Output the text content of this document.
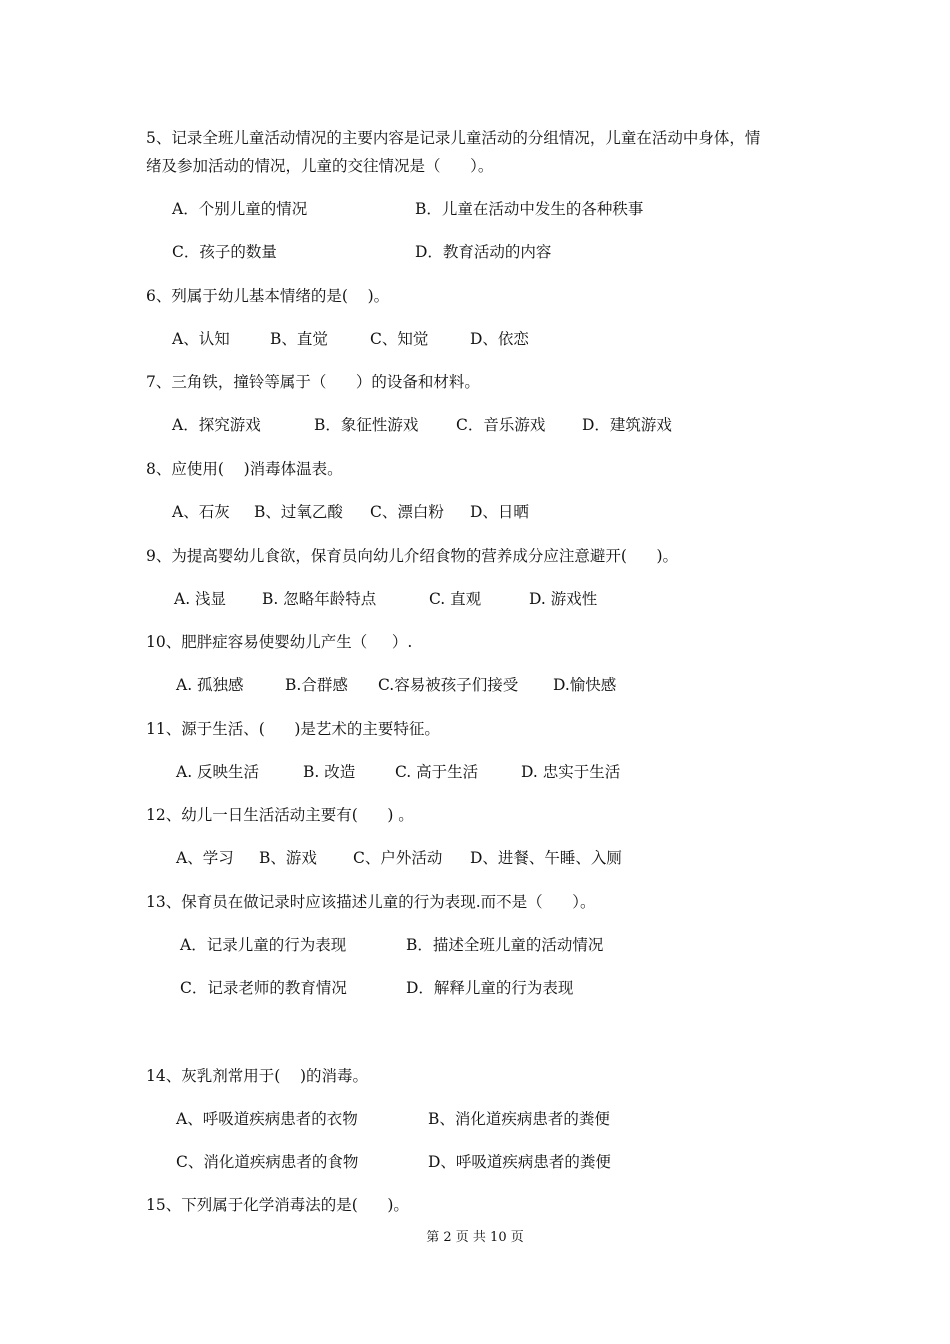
5、记录全班儿童活动情况的主要内容是记录儿童活动的分组情况，儿童在活动中身体，情
绪及参加活动的情况，儿童的交往情况是（      ）。
A．个别儿童的情况	B．儿童在活动中发生的各种秩事
C．孩子的数量	D．教育活动的内容
6、列属于幼儿基本情绪的是(    )。
A、认知	B、直觉	C、知觉	D、依恋
7、三角铁，撞铃等属于（      ）的设备和材料。
A．探究游戏	B．象征性游戏 C．音乐游戏 D．建筑游戏
8、应使用(    )消毒体温表。
A、石灰 B、过氧乙酸 C、漂白粉 D、日晒
9、为提高婴幼儿食欲，保育员向幼儿介绍食物的营养成分应注意避开(      )。
A. 浅显 B. 忽略年龄特点	C. 直观	D. 游戏性
10、肥胖症容易使婴幼儿产生（     ）.
A. 孤独感	B.合群感 C.容易被孩子们接受 D.愉快感
11、源于生活、(      )是艺术的主要特征。
A. 反映生活	B. 改造	C. 高于生活	D. 忠实于生活
12、幼儿一日生活活动主要有(      ) 。
A、学习 B、游戏 C、户外活动 D、进餐、午睡、入厕
13、保育员在做记录时应该描述儿童的行为表现.而不是（      ）。
A．记录儿童的行为表现	B．描述全班儿童的活动情况
C．记录老师的教育情况	D．解释儿童的行为表现
14、灰乳剂常用于(    )的消毒。
A、呼吸道疾病患者的衣物	B、消化道疾病患者的粪便
C、消化道疾病患者的食物	D、呼吸道疾病患者的粪便
15、下列属于化学消毒法的是(      )。
第 2 页 共 10 页
